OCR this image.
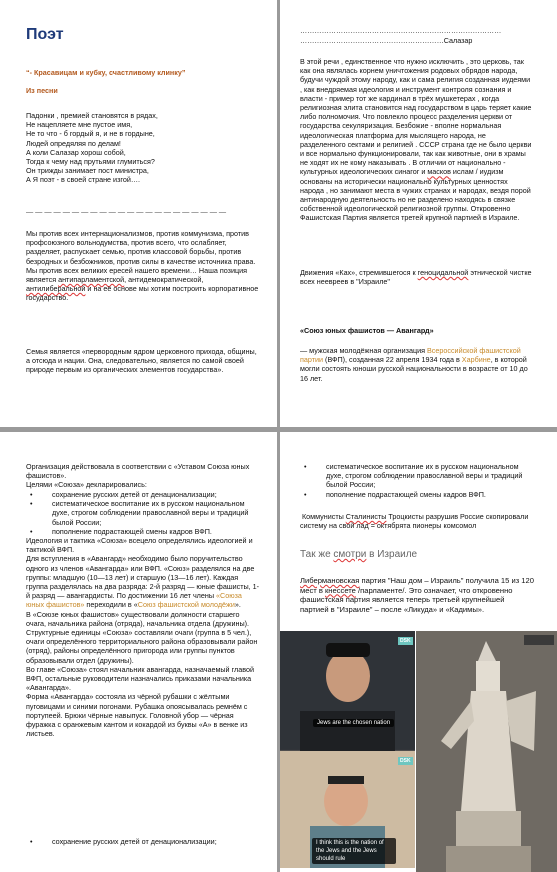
Поэт
“- Красавицам и кубку, счастливому клинку”
Из песни
Падонки , премией становятся в рядах,
Не нацепляете мне пустое имя,
Не то что - б гордый я, и не в гордыне,
Людей опредяляя по делам!
А коли Салазар хорош собой,
Тогда к чему над прутьями глумиться?
Он трижды занимает пост министра,
А Я поэт - в своей стране изгой….
— — — — — — — — — — — — — — — — — — — — — —
Мы против всех интернационализмов, против коммунизма, против профсоюзного вольнодумства, против всего, что ослабляет, разделяет, распускает семью, против классовой борьбы, против безродных и безбожников, против силы в качестве источника права. Мы против всех великих ересей нашего времени… Наша позиция является антипарламентской, антидемократической, антилиберальной и на её основе мы хотим построить корпоративное государство.
Семья является «первородным ядром церковного прихода, общины, а отсюда и нации. Она, следовательно, является по самой своей природе первым из органических элементов государства».
…………………………………………………………………………
……………………………………………………Салазар
В этой речи , единственное что нужно исключить , это церковь, так как она являлась корнем уничтожения родовых обрядов народа, будучи чуждой этому народу, как и сама религия созданная иудеями , как внедряемая идеология и инструмент контроля сознания и власти - пример тот же кардинал в трёх мушкетерах , когда религиозная элита становится над государством в царь теряет какие либо полномочия. Что повлекло процесс разделения церкви от государства секуляризация. Безбожие - вполне нормальная идеологическая платформа для мыслящего народа, не разделенного сектами и религией . СССР страна где не было церкви и все нормально функционировали, так как животные, они в храмы не ходят их не кому наказывать . В отличии от национально - культурных идеологических синагог и масков ислам / иудизм основаны на исторически национально культурных ценностях народа , но занимают места в чужих странах и народах, вездя порой антинародную деятельность но не разделено находясь в связке собственной идеологической религиозной группы. Откровенно Фашистская Партия является третей крупной партией в Израиле.
Движения «Ках», стремившегося к геноцидальной этнической чистке всех неевреев в "Израиле"
«Союз юных фашистов — Авангард»
— мужская молодёжная организация Всероссийской фашистской партии (ВФП), созданная 22 апреля 1934 года в Харбине, в которой могли состоять юноши русской национальности в возрасте от 10 до 16 лет.
Организация действовала в соответствии с «Уставом Союза юных фашистов».
Целями «Союза» декларировались:
• сохранение русских детей от денационализации;
• систематическое воспитание их в русском национальном духе, строгом соблюдении православной веры и традиций былой России;
• пополнение подрастающей смены кадров ВФП.
Идеология и тактика «Союза» всецело определялись идеологией и тактикой ВФП.
Для вступления в «Авангард» необходимо было поручительство одного из членов «Авангарда» или ВФП. «Союз» разделялся на две группы: младшую (10—13 лет) и старшую (13—16 лет). Каждая группа разделялась на два разряда: 2-й разряд — юные фашисты, 1-й разряд — авангардисты. По достижении 16 лет члены «Союза юных фашистов» переходили в «Союз фашистской молодёжи».
В «Союзе юных фашистов» существовали должности старшего очага, начальника района (отряда), начальника отдела (дружины). Структурные единицы «Союза» составляли очаги (группа в 5 чел.), очаги определённого территориального района образовывали район (отряд), районы определённого пригорода или группы пунктов образовывали отдел (дружины).
Во главе «Союза» стоял начальник авангарда, назначаемый главой ВФП, остальные руководители назначались приказами начальника «Авангарда».
Форма «Авангарда» состояла из чёрной рубашки с жёлтыми пуговицами и синими погонами. Рубашка опоясывалась ремнём с портупеей. Брюки чёрные навыпуск. Головной убор — чёрная фуражка с оранжевым кантом и кокардой из буквы «А» в венке из листьев.
• сохранение русских детей от денационализации;
• систематическое воспитание их в русском национальном духе, строгом соблюдении православной веры и традиций былой России;
• пополнение подрастающей смены кадров ВФП.
Коммунисты Сталинисты Троцкисты разрушив Россие скопировали систему на свой лад = октябрята пионеры комсомол
Так же смотри в Израиле
Либермановская партия "Наш дом – Израиль" получила 15 из 120 мест в кнессете /парламенте/. Это означает, что откровенно фашистская партия является теперь третьей крупнейшей партией в "Израиле" – после «Ликуда» и «Кадимы».
DSK
Jews are the chosen nation
DSK
I think this is the nation of the Jews and the Jews should rule
